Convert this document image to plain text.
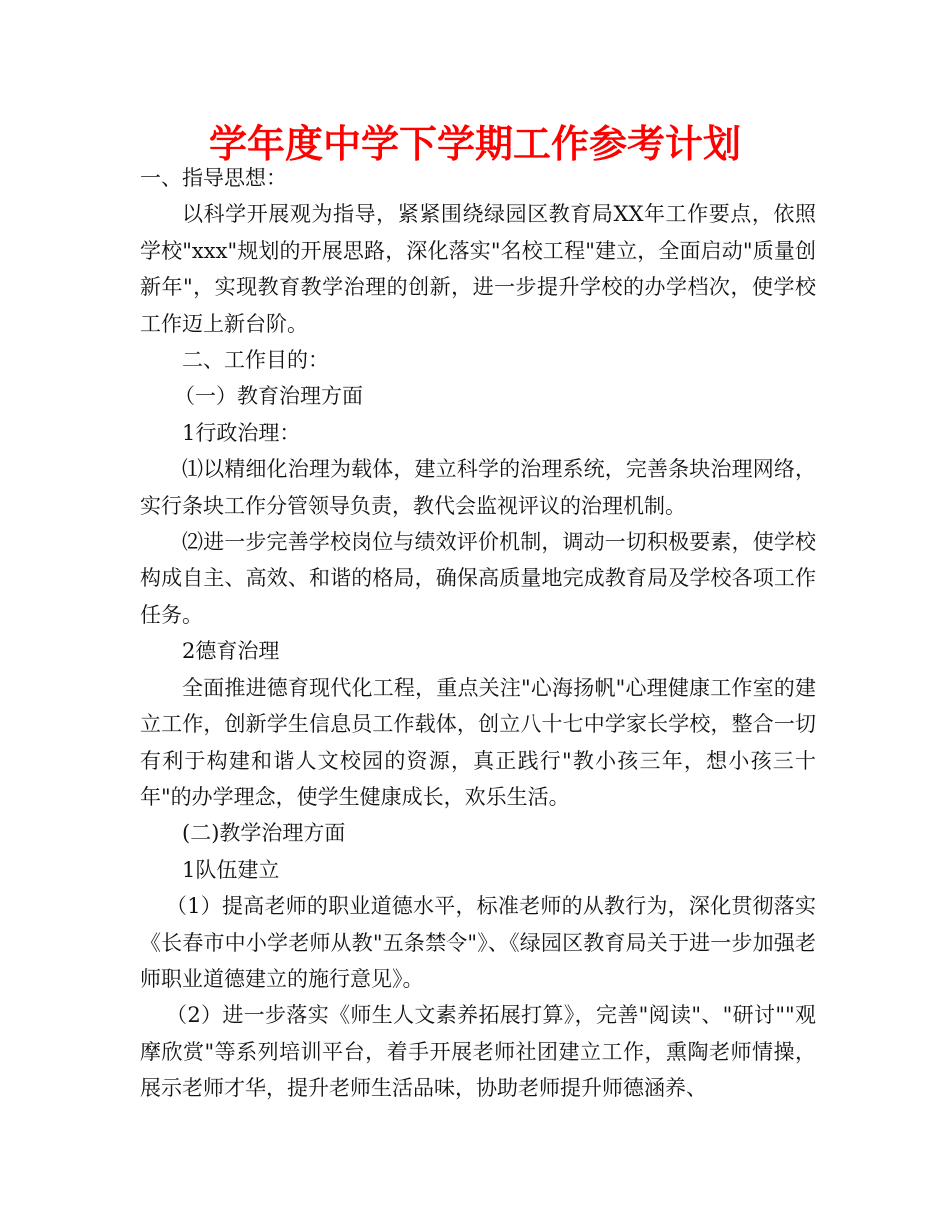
学年度中学下学期工作参考计划

一、指导思想：

以科学开展观为指导，紧紧围绕绿园区教育局XX年工作要点，依照学校"xxx"规划的开展思路，深化落实"名校工程"建立，全面启动"质量创新年"，实现教育教学治理的创新，进一步提升学校的办学档次，使学校工作迈上新台阶。

二、工作目的：

（一）教育治理方面

1行政治理：

⑴以精细化治理为载体，建立科学的治理系统，完善条块治理网络，实行条块工作分管领导负责，教代会监视评议的治理机制。

⑵进一步完善学校岗位与绩效评价机制，调动一切积极要素，使学校构成自主、高效、和谐的格局，确保高质量地完成教育局及学校各项工作任务。

2德育治理

全面推进德育现代化工程，重点关注"心海扬帆"心理健康工作室的建立工作，创新学生信息员工作载体，创立八十七中学家长学校，整合一切有利于构建和谐人文校园的资源，真正践行"教小孩三年，想小孩三十年"的办学理念，使学生健康成长，欢乐生活。

(二)教学治理方面

1队伍建立

（1）提高老师的职业道德水平，标准老师的从教行为，深化贯彻落实《长春市中小学老师从教"五条禁令"》、《绿园区教育局关于进一步加强老师职业道德建立的施行意见》。

（2）进一步落实《师生人文素养拓展打算》，完善"阅读"、"研讨""观摩欣赏"等系列培训平台，着手开展老师社团建立工作，熏陶老师情操，展示老师才华，提升老师生活品味，协助老师提升师德涵养、
